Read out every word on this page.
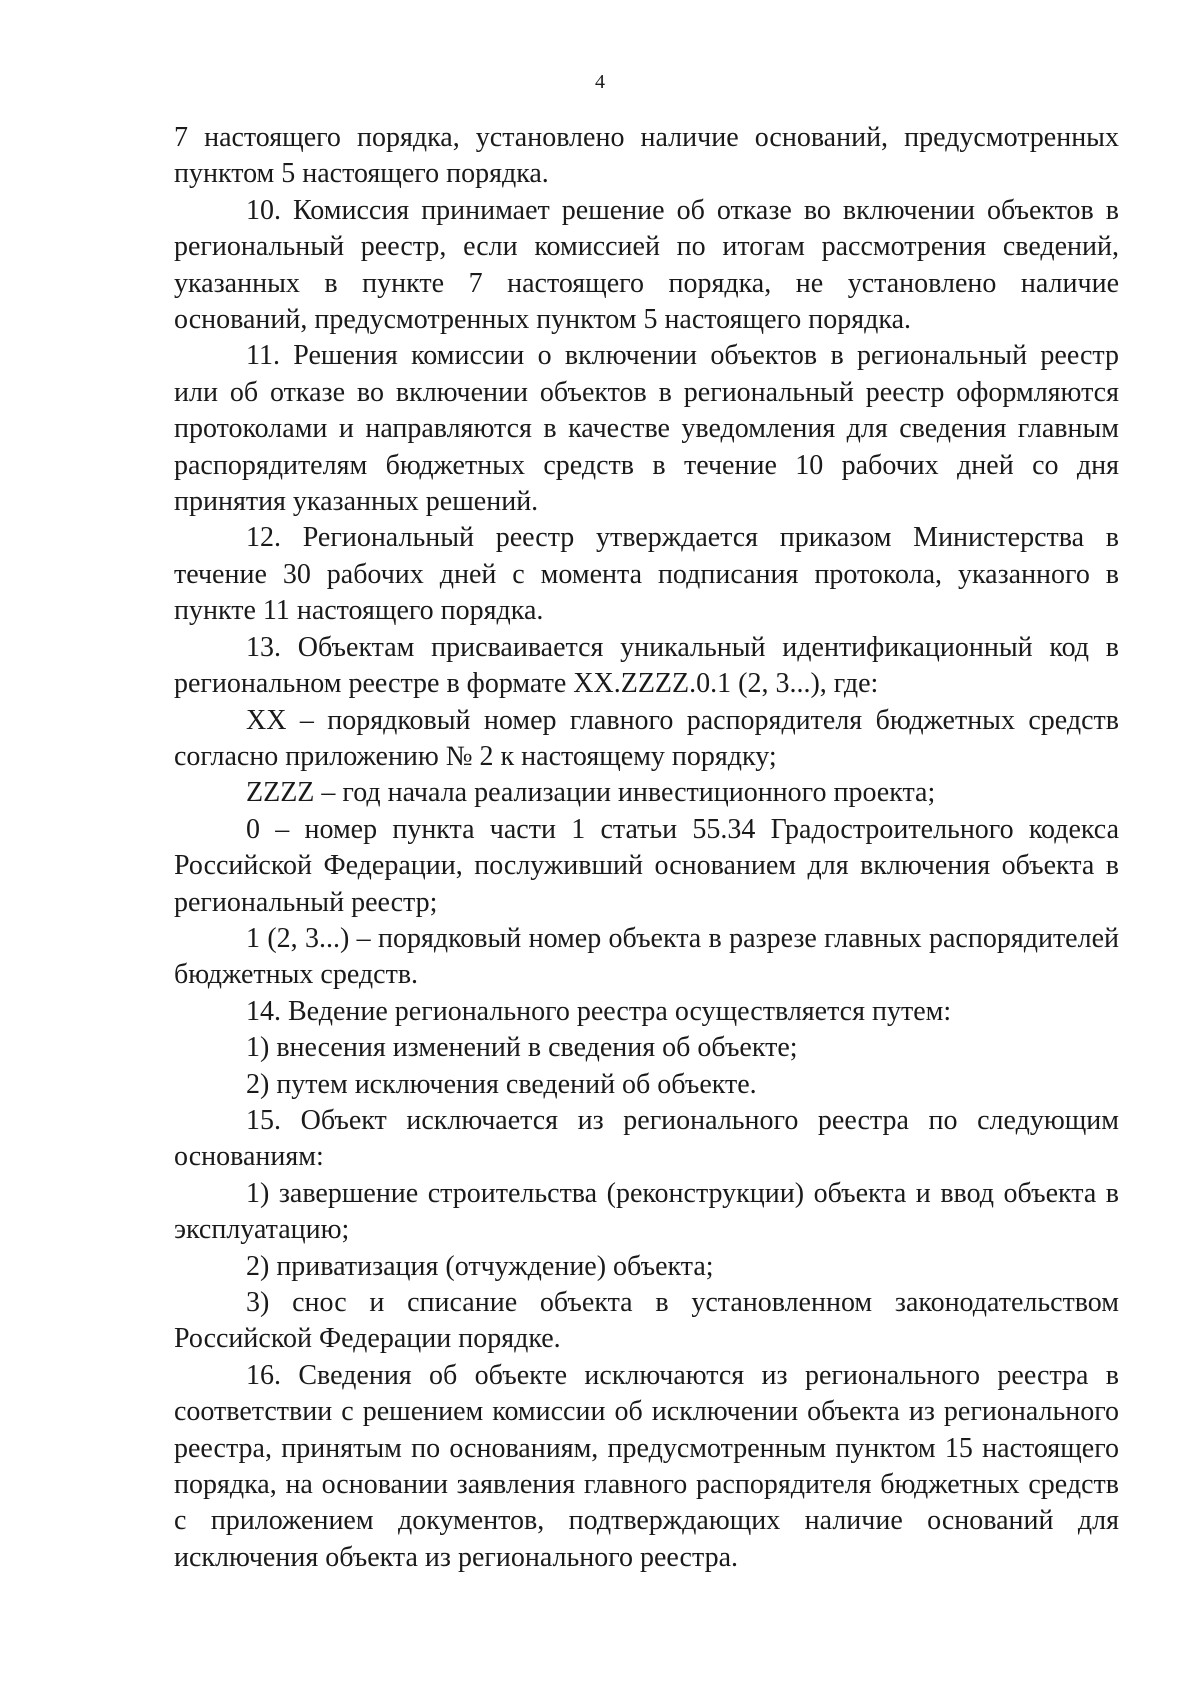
4

7 настоящего порядка, установлено наличие оснований, предусмотренных пунктом 5 настоящего порядка.

10. Комиссия принимает решение об отказе во включении объектов в региональный реестр, если комиссией по итогам рассмотрения сведений, указанных в пункте 7 настоящего порядка, не установлено наличие оснований, предусмотренных пунктом 5 настоящего порядка.

11. Решения комиссии о включении объектов в региональный реестр или об отказе во включении объектов в региональный реестр оформляются протоколами и направляются в качестве уведомления для сведения главным распорядителям бюджетных средств в течение 10 рабочих дней со дня принятия указанных решений.

12. Региональный реестр утверждается приказом Министерства в течение 30 рабочих дней с момента подписания протокола, указанного в пункте 11 настоящего порядка.

13. Объектам присваивается уникальный идентификационный код в региональном реестре в формате XX.ZZZZ.0.1 (2, 3...), где:

XX – порядковый номер главного распорядителя бюджетных средств согласно приложению № 2 к настоящему порядку;

ZZZZ – год начала реализации инвестиционного проекта;

0 – номер пункта части 1 статьи 55.34 Градостроительного кодекса Российской Федерации, послуживший основанием для включения объекта в региональный реестр;

1 (2, 3...) – порядковый номер объекта в разрезе главных распорядителей бюджетных средств.

14. Ведение регионального реестра осуществляется путем:

1) внесения изменений в сведения об объекте;

2) путем исключения сведений об объекте.

15. Объект исключается из регионального реестра по следующим основаниям:

1) завершение строительства (реконструкции) объекта и ввод объекта в эксплуатацию;

2) приватизация (отчуждение) объекта;

3) снос и списание объекта в установленном законодательством Российской Федерации порядке.

16. Сведения об объекте исключаются из регионального реестра в соответствии с решением комиссии об исключении объекта из регионального реестра, принятым по основаниям, предусмотренным пунктом 15 настоящего порядка, на основании заявления главного распорядителя бюджетных средств с приложением документов, подтверждающих наличие оснований для исключения объекта из регионального реестра.
